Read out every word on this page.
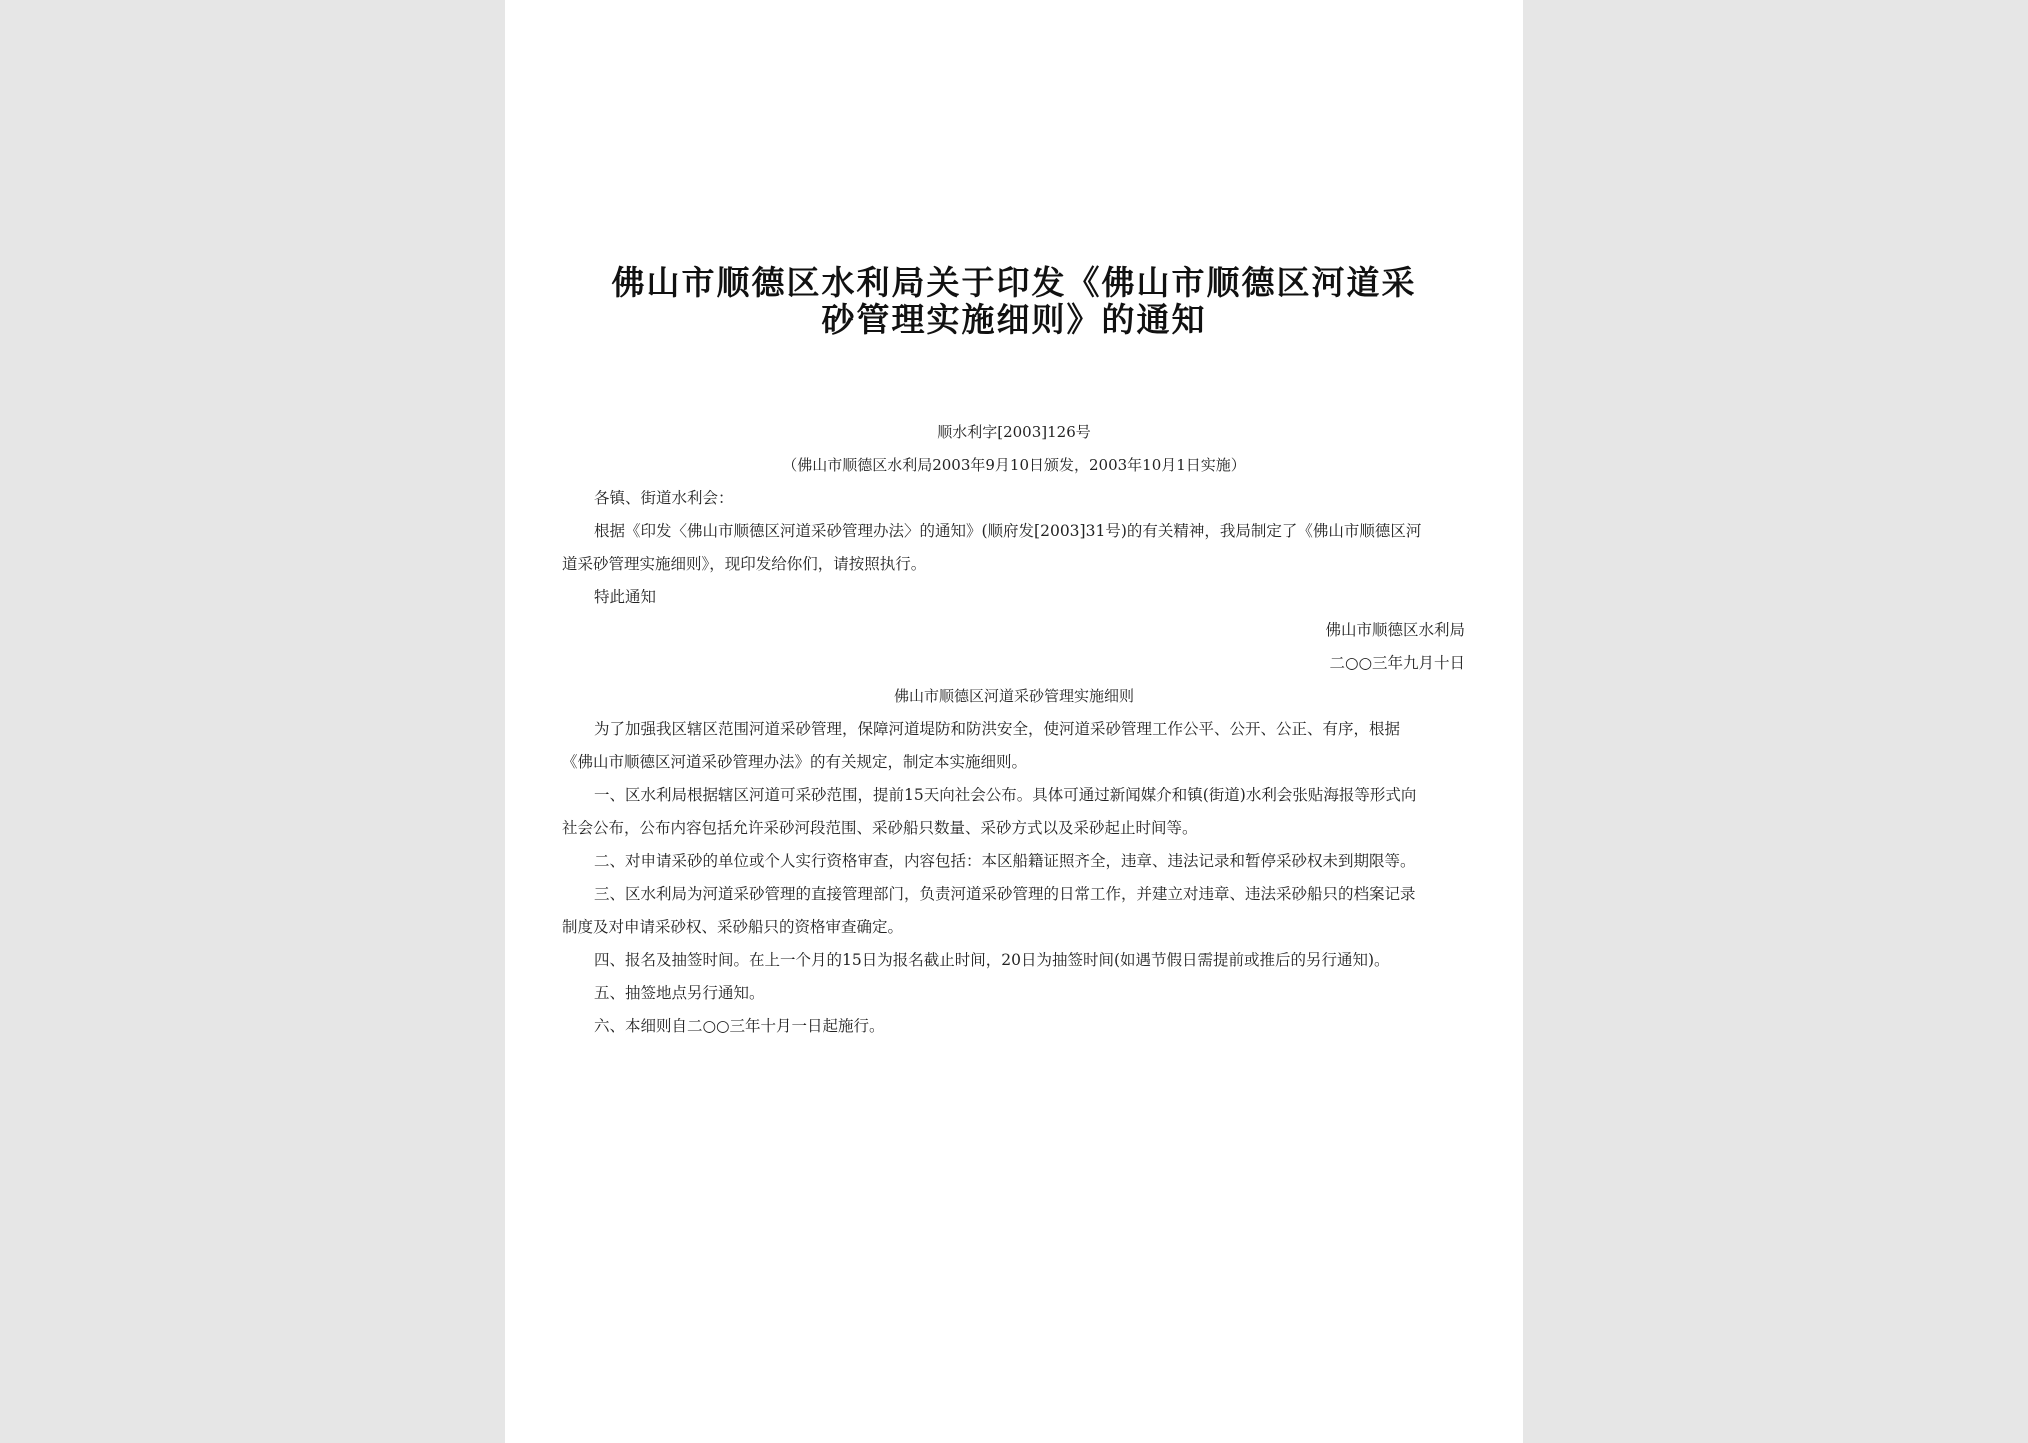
佛山市顺德区水利局关于印发《佛山市顺德区河道采
砂管理实施细则》的通知
顺水利字[2003]126号
（佛山市顺德区水利局2003年9月10日颁发，2003年10月1日实施）
各镇、街道水利会：
根据《印发〈佛山市顺德区河道采砂管理办法〉的通知》(顺府发[2003]31号)的有关精神，我局制定了《佛山市顺德区河
道采砂管理实施细则》，现印发给你们，请按照执行。
特此通知
佛山市顺德区水利局
二○○三年九月十日
佛山市顺德区河道采砂管理实施细则
为了加强我区辖区范围河道采砂管理，保障河道堤防和防洪安全，使河道采砂管理工作公平、公开、公正、有序，根据
《佛山市顺德区河道采砂管理办法》的有关规定，制定本实施细则。
一、区水利局根据辖区河道可采砂范围，提前15天向社会公布。具体可通过新闻媒介和镇(街道)水利会张贴海报等形式向
社会公布，公布内容包括允许采砂河段范围、采砂船只数量、采砂方式以及采砂起止时间等。
二、对申请采砂的单位或个人实行资格审查，内容包括：本区船籍证照齐全，违章、违法记录和暂停采砂权未到期限等。
三、区水利局为河道采砂管理的直接管理部门，负责河道采砂管理的日常工作，并建立对违章、违法采砂船只的档案记录
制度及对申请采砂权、采砂船只的资格审查确定。
四、报名及抽签时间。在上一个月的15日为报名截止时间，20日为抽签时间(如遇节假日需提前或推后的另行通知)。
五、抽签地点另行通知。
六、本细则自二○○三年十月一日起施行。
